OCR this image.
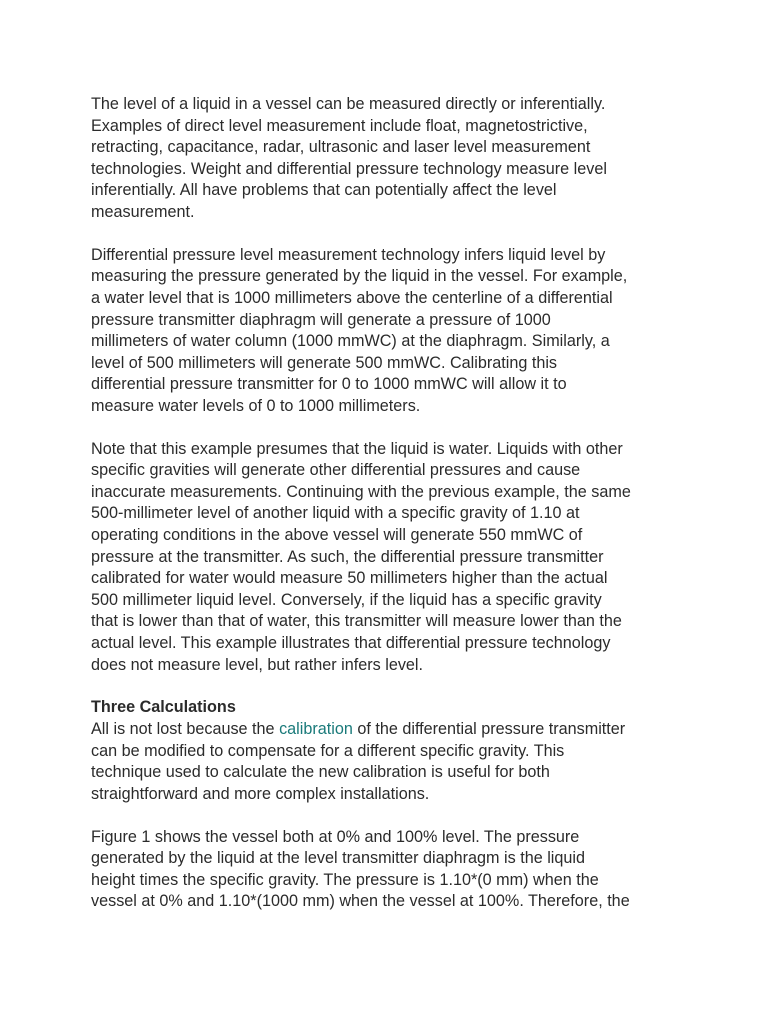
The level of a liquid in a vessel can be measured directly or inferentially.
Examples of direct level measurement include float, magnetostrictive,
retracting, capacitance, radar, ultrasonic and laser level measurement
technologies. Weight and differential pressure technology measure level
inferentially. All have problems that can potentially affect the level
measurement.

Differential pressure level measurement technology infers liquid level by
measuring the pressure generated by the liquid in the vessel. For example,
a water level that is 1000 millimeters above the centerline of a differential
pressure transmitter diaphragm will generate a pressure of 1000
millimeters of water column (1000 mmWC) at the diaphragm. Similarly, a
level of 500 millimeters will generate 500 mmWC. Calibrating this
differential pressure transmitter for 0 to 1000 mmWC will allow it to
measure water levels of 0 to 1000 millimeters.

Note that this example presumes that the liquid is water. Liquids with other
specific gravities will generate other differential pressures and cause
inaccurate measurements. Continuing with the previous example, the same
500-millimeter level of another liquid with a specific gravity of 1.10 at
operating conditions in the above vessel will generate 550 mmWC of
pressure at the transmitter. As such, the differential pressure transmitter
calibrated for water would measure 50 millimeters higher than the actual
500 millimeter liquid level. Conversely, if the liquid has a specific gravity
that is lower than that of water, this transmitter will measure lower than the
actual level. This example illustrates that differential pressure technology
does not measure level, but rather infers level.

Three Calculations

All is not lost because the calibration of the differential pressure transmitter
can be modified to compensate for a different specific gravity. This
technique used to calculate the new calibration is useful for both
straightforward and more complex installations.

Figure 1 shows the vessel both at 0% and 100% level. The pressure
generated by the liquid at the level transmitter diaphragm is the liquid
height times the specific gravity. The pressure is 1.10*(0 mm) when the
vessel at 0% and 1.10*(1000 mm) when the vessel at 100%. Therefore, the
